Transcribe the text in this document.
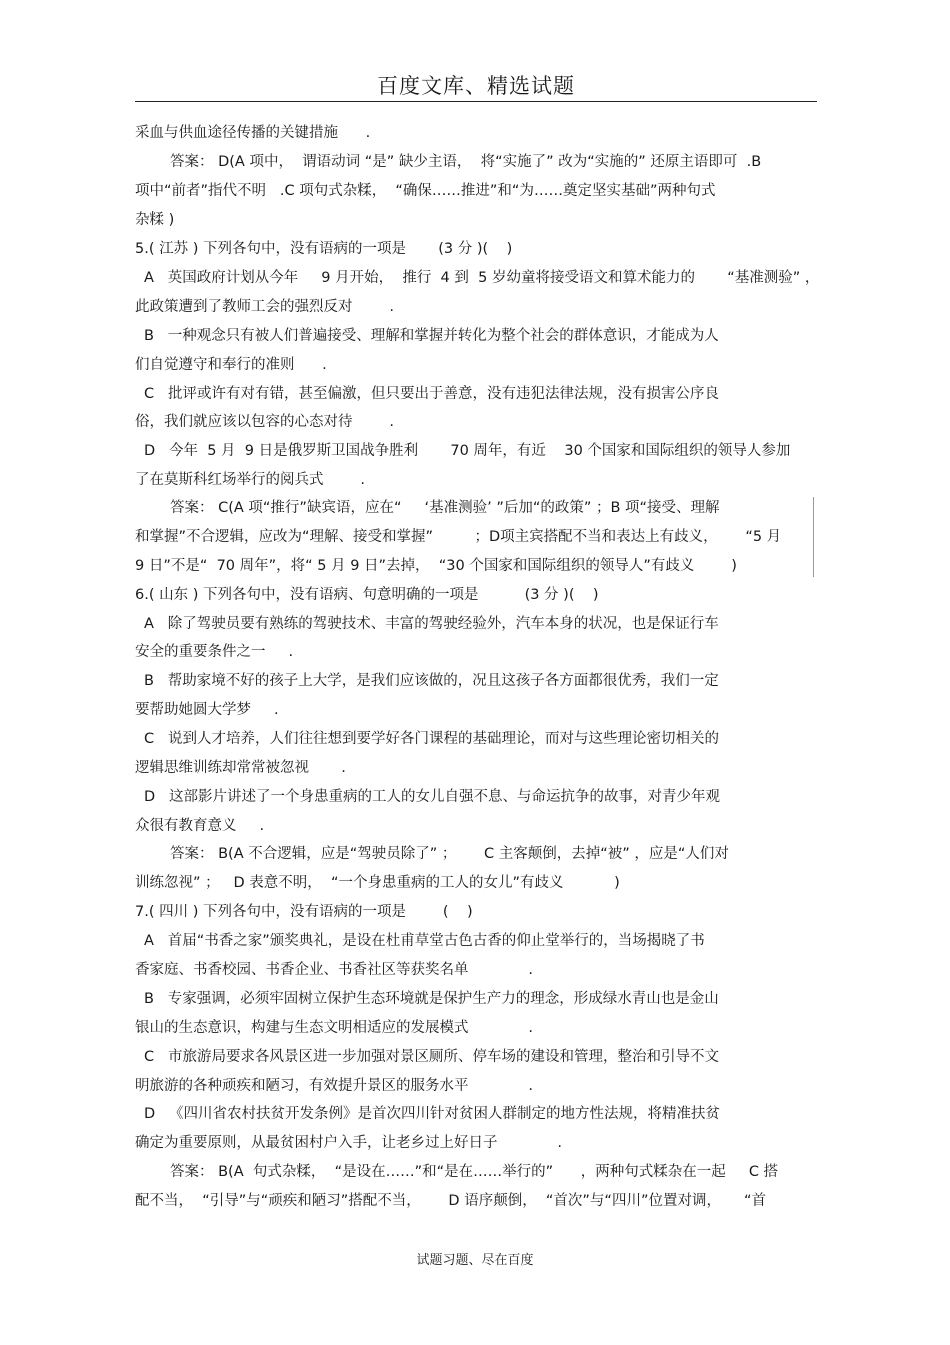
百度文库、精选试题
采血与供血途径传播的关键措施      .
答案： D(A 项中，  谓语动词 “是” 缺少主语，  将“实施了” 改为“实施的” 还原主语即可  .B
项中“前者”指代不明   .C 项句式杂糅，  “确保……推进”和“为……奠定坚实基础”两种句式
杂糅 )
5.( 江苏 ) 下列各句中，没有语病的一项是       (3 分 )(    )
A   英国政府计划从今年     9 月开始，  推行  4 到  5 岁幼童将接受语文和算术能力的       “基准测验” ，
此政策遭到了教师工会的强烈反对        .
B   一种观念只有被人们普遍接受、理解和掌握并转化为整个社会的群体意识，才能成为人
们自觉遵守和奉行的准则      .
C   批评或许有对有错，甚至偏激，但只要出于善意，没有违犯法律法规，没有损害公序良
俗，我们就应该以包容的心态对待        .
D   今年  5 月  9 日是俄罗斯卫国战争胜利       70 周年，有近    30 个国家和国际组织的领导人参加
了在莫斯科红场举行的阅兵式        .
答案： C(A 项“推行”缺宾语，应在“     ‘基准测验’ ”后加“的政策” ；B 项“接受、理解
和掌握”不合逻辑，应改为“理解、接受和掌握”         ；D项主宾搭配不当和表达上有歧义，      “5 月
9 日”不是“  70 周年”，将“ 5 月 9 日”去掉，  “30 个国家和国际组织的领导人”有歧义        )
6.( 山东 ) 下列各句中，没有语病、句意明确的一项是          (3 分 )(    )
A   除了驾驶员要有熟练的驾驶技术、丰富的驾驶经验外，汽车本身的状况，也是保证行车
安全的重要条件之一     .
B   帮助家境不好的孩子上大学，是我们应该做的，况且这孩子各方面都很优秀，我们一定
要帮助她圆大学梦     .
C   说到人才培养，人们往往想到要学好各门课程的基础理论，而对与这些理论密切相关的
逻辑思维训练却常常被忽视       .
D   这部影片讲述了一个身患重病的工人的女儿自强不息、与命运抗争的故事，对青少年观
众很有教育意义     .
答案： B(A 不合逻辑，应是“驾驶员除了” ；      C 主客颠倒，去掉“被” ，应是“人们对
训练忽视” ；   D 表意不明，  “一个身患重病的工人的女儿”有歧义           )
7.( 四川 ) 下列各句中，没有语病的一项是        (    )
A   首届“书香之家”颁奖典礼，是设在杜甫草堂古色古香的仰止堂举行的，当场揭晓了书
香家庭、书香校园、书香企业、书香社区等获奖名单             .
B   专家强调，必须牢固树立保护生态环境就是保护生产力的理念，形成绿水青山也是金山
银山的生态意识，构建与生态文明相适应的发展模式             .
C   市旅游局要求各风景区进一步加强对景区厕所、停车场的建设和管理，整治和引导不文
明旅游的各种顽疾和陋习，有效提升景区的服务水平             .
D   《四川省农村扶贫开发条例》是首次四川针对贫困人群制定的地方性法规，将精准扶贫
确定为重要原则，从最贫困村户入手，让老乡过上好日子             .
答案： B(A  句式杂糅，  “是设在……”和“是在……举行的”      ，两种句式糅杂在一起     C 搭
配不当，  “引导”与“顽疾和陋习”搭配不当，      D 语序颠倒，  “首次”与“四川”位置对调，     “首
试题习题、尽在百度
